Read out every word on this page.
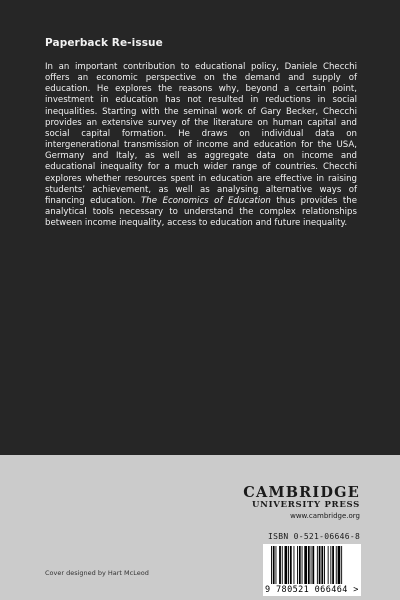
Paperback Re-issue
In an important contribution to educational policy, Daniele Checchi offers an economic perspective on the demand and supply of education. He explores the reasons why, beyond a certain point, investment in education has not resulted in reductions in social inequalities. Starting with the seminal work of Gary Becker, Checchi provides an extensive survey of the literature on human capital and social capital formation. He draws on individual data on intergenerational transmission of income and education for the USA, Germany and Italy, as well as aggregate data on income and educational inequality for a much wider range of countries. Checchi explores whether resources spent in education are effective in raising students’ achievement, as well as analysing alternative ways of financing education. The Economics of Education thus provides the analytical tools necessary to understand the complex relationships between income inequality, access to education and future inequality.
CAMBRIDGE
UNIVERSITY PRESS
www.cambridge.org
ISBN 0-521-06646-8
9 780521 066464 >
Cover designed by Hart McLeod
